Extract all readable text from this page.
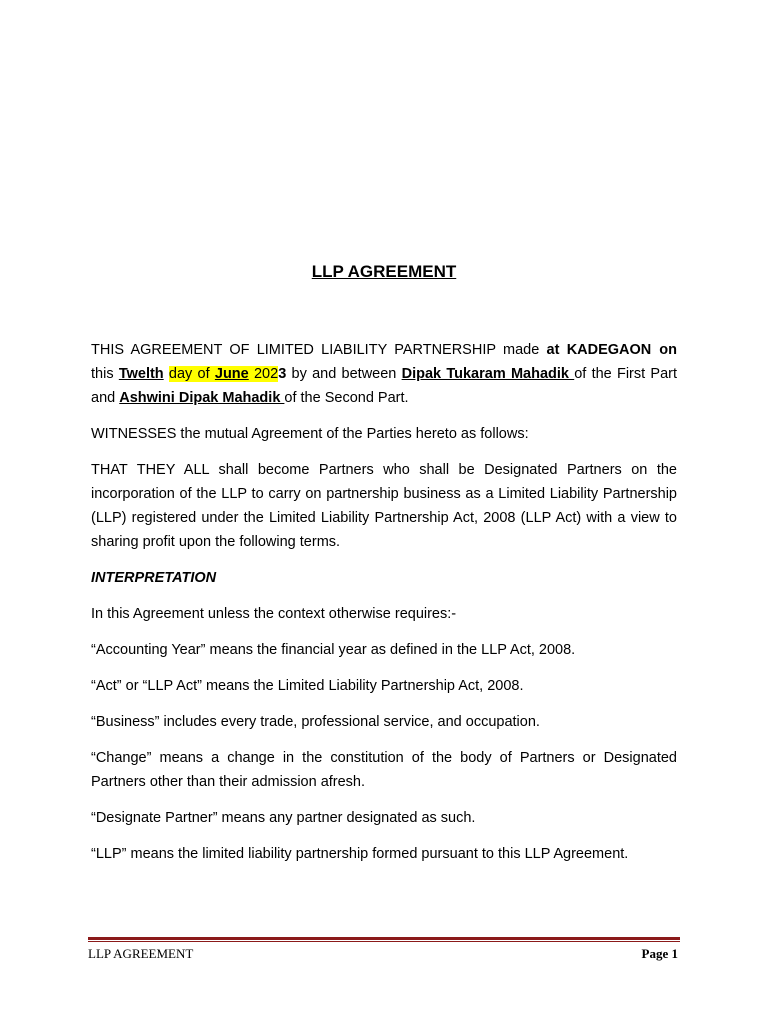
LLP AGREEMENT

THIS AGREEMENT OF LIMITED LIABILITY PARTNERSHIP made at KADEGAON on this Twelth day of June 2023 by and between Dipak Tukaram Mahadik of the First Part and Ashwini Dipak Mahadik of the Second Part.

WITNESSES the mutual Agreement of the Parties hereto as follows:

THAT THEY ALL shall become Partners who shall be Designated Partners on the incorporation of the LLP to carry on partnership business as a Limited Liability Partnership (LLP) registered under the Limited Liability Partnership Act, 2008 (LLP Act) with a view to sharing profit upon the following terms.

INTERPRETATION

In this Agreement unless the context otherwise requires:-

“Accounting Year” means the financial year as defined in the LLP Act, 2008.

“Act” or “LLP Act” means the Limited Liability Partnership Act, 2008.

“Business” includes every trade, professional service, and occupation.

“Change” means a change in the constitution of the body of Partners or Designated Partners other than their admission afresh.

“Designate Partner” means any partner designated as such.

“LLP” means the limited liability partnership formed pursuant to this LLP Agreement.

LLP AGREEMENT	Page 1
